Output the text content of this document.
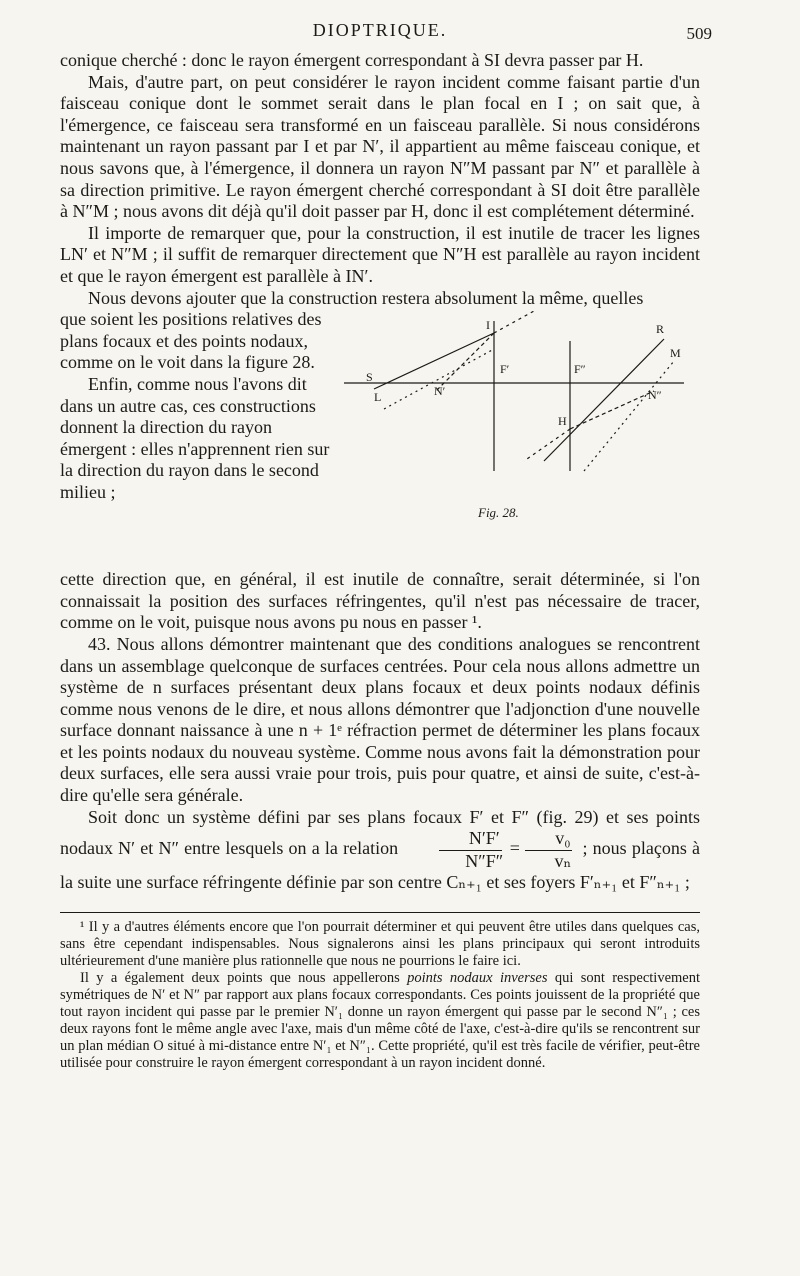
DIOPTRIQUE.	509

conique cherché : donc le rayon émergent correspondant à SI devra passer par H.

Mais, d'autre part, on peut considérer le rayon incident comme faisant partie d'un faisceau conique dont le sommet serait dans le plan focal en I ; on sait que, à l'émergence, ce faisceau sera transformé en un faisceau parallèle. Si nous considérons maintenant un rayon passant par I et par N′, il appartient au même faisceau conique, et nous savons que, à l'émergence, il donnera un rayon N″M passant par N″ et parallèle à sa direction primitive. Le rayon émergent cherché correspondant à SI doit être parallèle à N″M ; nous avons dit déjà qu'il doit passer par H, donc il est complétement déterminé.

Il importe de remarquer que, pour la construction, il est inutile de tracer les lignes LN′ et N″M ; il suffit de remarquer directement que N″H est parallèle au rayon incident et que le rayon émergent est parallèle à IN′.

Nous devons ajouter que la construction restera absolument la même, quelles

que soient les positions relatives des plans focaux et des points nodaux, comme on le voit dans la figure 28.

Enfin, comme nous l'avons dit dans un autre cas, ces constructions donnent la direction du rayon émergent : elles n'apprennent rien sur la direction du rayon dans le second milieu ;

I	R
M
S
L	N′
F′	F″
N″
H
Fig. 28.

cette direction que, en général, il est inutile de connaître, serait déterminée, si l'on connaissait la position des surfaces réfringentes, qu'il n'est pas nécessaire de tracer, comme on le voit, puisque nous avons pu nous en passer ¹.

43. Nous allons démontrer maintenant que des conditions analogues se rencontrent dans un assemblage quelconque de surfaces centrées. Pour cela nous allons admettre un système de n surfaces présentant deux plans focaux et deux points nodaux définis comme nous venons de le dire, et nous allons démontrer que l'adjonction d'une nouvelle surface donnant naissance à une n + 1ᵉ réfraction permet de déterminer les plans focaux et les points nodaux du nouveau système. Comme nous avons fait la démonstration pour deux surfaces, elle sera aussi vraie pour trois, puis pour quatre, et ainsi de suite, c'est-à-dire qu'elle sera générale.

Soit donc un système défini par ses plans focaux F′ et F″ (fig. 29) et ses points nodaux N′ et N″ entre lesquels on a la relation $\frac{N'F'}{N''F''} = \frac{\text{v₀}}{\text{vₙ}}$ ; nous plaçons à la suite une surface réfringente définie par son centre Cₙ₊₁ et ses foyers F′ₙ₊₁ et F″ₙ₊₁ ;

¹ Il y a d'autres éléments encore que l'on pourrait déterminer et qui peuvent être utiles dans quelques cas, sans être cependant indispensables. Nous signalerons ainsi les plans principaux qui seront introduits ultérieurement d'une manière plus rationnelle que nous ne pourrions le faire ici.

Il y a également deux points que nous appellerons points nodaux inverses qui sont respectivement symétriques de N′ et N″ par rapport aux plans focaux correspondants. Ces points jouissent de la propriété que tout rayon incident qui passe par le premier N′₁ donne un rayon émergent qui passe par le second N″₁ ; ces deux rayons font le même angle avec l'axe, mais d'un même côté de l'axe, c'est-à-dire qu'ils se rencontrent sur un plan médian O situé à mi-distance entre N′₁ et N″₁. Cette propriété, qu'il est très facile de vérifier, peut-être utilisée pour construire le rayon émergent correspondant à un rayon incident donné.
